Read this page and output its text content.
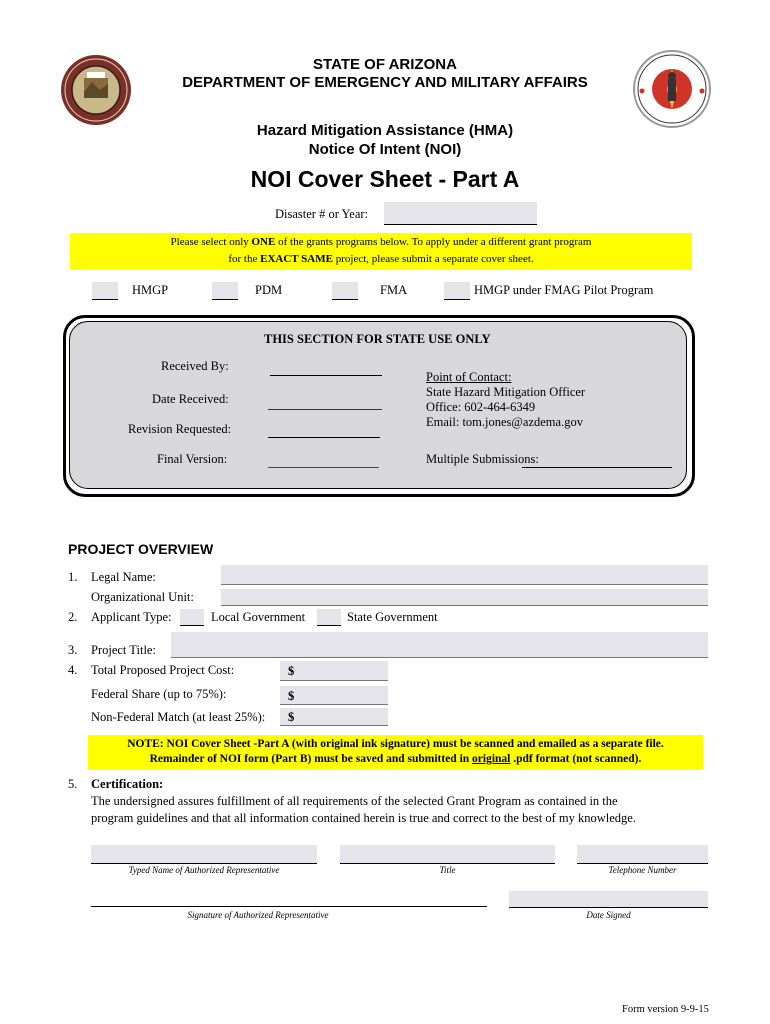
STATE OF ARIZONA
DEPARTMENT OF EMERGENCY AND MILITARY AFFAIRS
Hazard Mitigation Assistance (HMA)
Notice Of Intent (NOI)
NOI Cover Sheet - Part A
Disaster # or Year:
Please select only ONE of the grants programs below. To apply under a different grant program
for the EXACT SAME project, please submit a separate cover sheet.
HMGP	PDM	FMA	HMGP under FMAG Pilot Program
THIS SECTION FOR STATE USE ONLY
Received By:
Date Received:
Revision Requested:
Final Version:
Point of Contact:
State Hazard Mitigation Officer
Office: 602-464-6349
Email: tom.jones@azdema.gov
Multiple Submissions:
PROJECT OVERVIEW
1. Legal Name:
Organizational Unit:
2. Applicant Type:	Local Government	State Government
3. Project Title:
4. Total Proposed Project Cost:	$
Federal Share (up to 75%):	$
Non-Federal Match (at least 25%): $
NOTE: NOI Cover Sheet -Part A (with original ink signature) must be scanned and emailed as a separate file.
Remainder of NOI form (Part B) must be saved and submitted in original .pdf format (not scanned).
5. Certification:
The undersigned assures fulfillment of all requirements of the selected Grant Program as contained in the
program guidelines and that all information contained herein is true and correct to the best of my knowledge.
Typed Name of Authorized Representative	Title	Telephone Number
Signature of Authorized Representative	Date Signed
Form version 9-9-15
